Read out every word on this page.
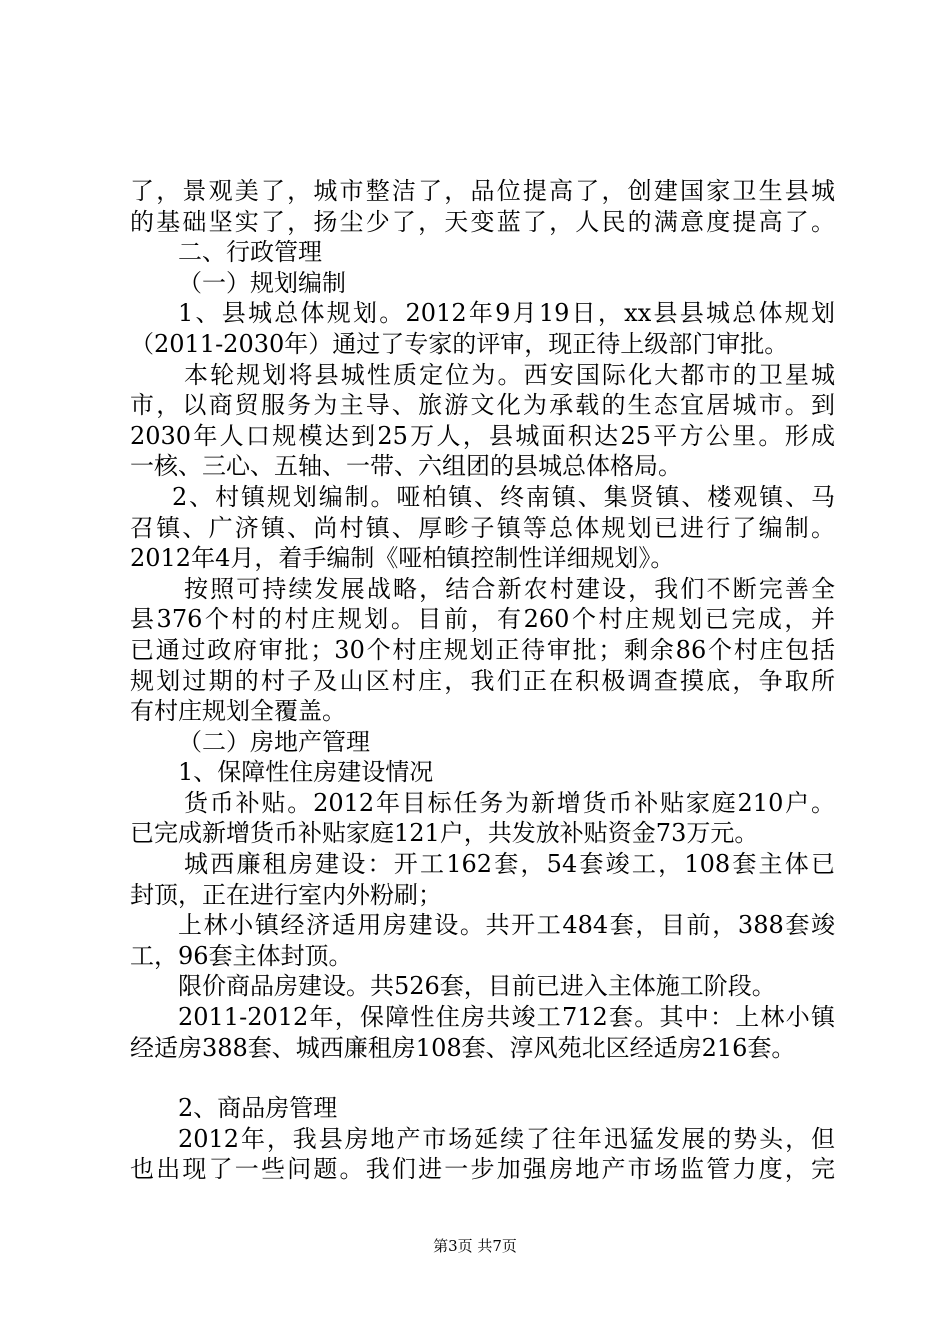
了，景观美了，城市整洁了，品位提高了，创建国家卫生县城
的基础坚实了，扬尘少了，天变蓝了，人民的满意度提高了。
二、行政管理
（一）规划编制
1、县城总体规划。2012年9月19日，xx县县城总体规划
（2011-2030年）通过了专家的评审，现正待上级部门审批。
本轮规划将县城性质定位为。西安国际化大都市的卫星城
市，以商贸服务为主导、旅游文化为承载的生态宜居城市。到
2030年人口规模达到25万人，县城面积达25平方公里。形成
一核、三心、五轴、一带、六组团的县城总体格局。
2、村镇规划编制。哑柏镇、终南镇、集贤镇、楼观镇、马
召镇、广济镇、尚村镇、厚畛子镇等总体规划已进行了编制。
2012年4月，着手编制《哑柏镇控制性详细规划》。
按照可持续发展战略，结合新农村建设，我们不断完善全
县376个村的村庄规划。目前，有260个村庄规划已完成，并
已通过政府审批；30个村庄规划正待审批；剩余86个村庄包括
规划过期的村子及山区村庄，我们正在积极调查摸底，争取所
有村庄规划全覆盖。
（二）房地产管理
1、保障性住房建设情况
货币补贴。2012年目标任务为新增货币补贴家庭210户。
已完成新增货币补贴家庭121户，共发放补贴资金73万元。
城西廉租房建设：开工162套，54套竣工，108套主体已
封顶，正在进行室内外粉刷；
上林小镇经济适用房建设。共开工484套，目前，388套竣
工，96套主体封顶。
限价商品房建设。共526套，目前已进入主体施工阶段。
2011-2012年，保障性住房共竣工712套。其中：上林小镇
经适房388套、城西廉租房108套、淳风苑北区经适房216套。
2、商品房管理
2012年，我县房地产市场延续了往年迅猛发展的势头，但
也出现了一些问题。我们进一步加强房地产市场监管力度，完
第3页 共7页
